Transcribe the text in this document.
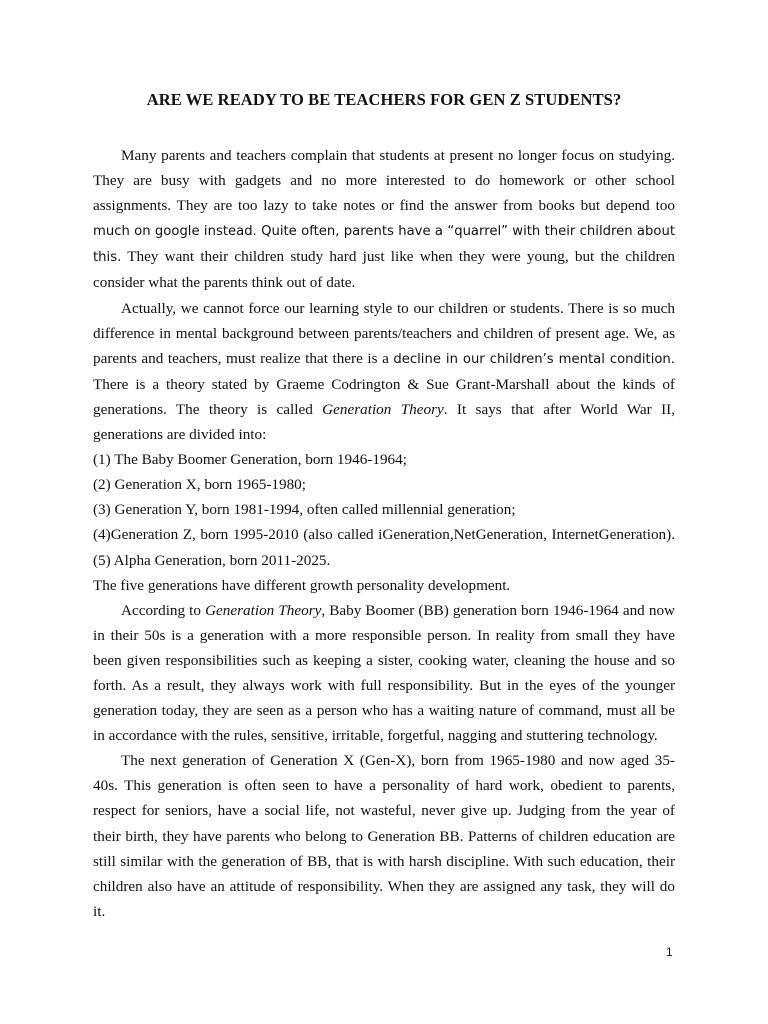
ARE WE READY TO BE TEACHERS FOR GEN Z STUDENTS?

Many parents and teachers complain that students at present no longer focus on studying. They are busy with gadgets and no more interested to do homework or other school assignments. They are too lazy to take notes or find the answer from books but depend too much on google instead. Quite often, parents have a “quarrel” with their children about this. They want their children study hard just like when they were young, but the children consider what the parents think out of date.

Actually, we cannot force our learning style to our children or students. There is so much difference in mental background between parents/teachers and children of present age. We, as parents and teachers, must realize that there is a decline in our children’s mental condition. There is a theory stated by Graeme Codrington & Sue Grant-Marshall about the kinds of generations. The theory is called Generation Theory. It says that after World War II, generations are divided into:

(1) The Baby Boomer Generation, born 1946-1964;

(2) Generation X, born 1965-1980;

(3) Generation Y, born 1981-1994, often called millennial generation;

(4)Generation Z, born 1995-2010 (also called iGeneration,NetGeneration, InternetGeneration).

(5) Alpha Generation, born 2011-2025.

The five generations have different growth personality development.

According to Generation Theory, Baby Boomer (BB) generation born 1946-1964 and now in their 50s is a generation with a more responsible person. In reality from small they have been given responsibilities such as keeping a sister, cooking water, cleaning the house and so forth. As a result, they always work with full responsibility. But in the eyes of the younger generation today, they are seen as a person who has a waiting nature of command, must all be in accordance with the rules, sensitive, irritable, forgetful, nagging and stuttering technology.

The next generation of Generation X (Gen-X), born from 1965-1980 and now aged 35-40s. This generation is often seen to have a personality of hard work, obedient to parents, respect for seniors, have a social life, not wasteful, never give up. Judging from the year of their birth, they have parents who belong to Generation BB. Patterns of children education are still similar with the generation of BB, that is with harsh discipline. With such education, their children also have an attitude of responsibility. When they are assigned any task, they will do it.

1
